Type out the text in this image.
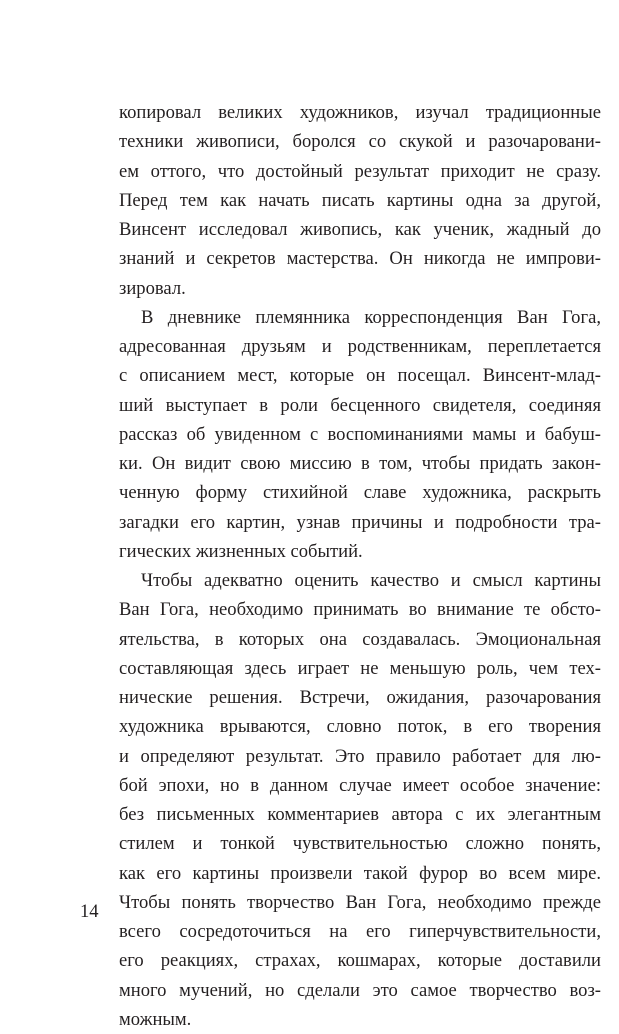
копировал великих художников, изучал традиционные
техники живописи, боролся со скукой и разочаровани-
ем оттого, что достойный результат приходит не сразу.
Перед тем как начать писать картины одна за другой,
Винсент исследовал живопись, как ученик, жадный до
знаний и секретов мастерства. Он никогда не импрови-
зировал.
В дневнике племянника корреспонденция Ван Гога,
адресованная друзьям и родственникам, переплетается
с описанием мест, которые он посещал. Винсент-млад-
ший выступает в роли бесценного свидетеля, соединяя
рассказ об увиденном с воспоминаниями мамы и бабуш-
ки. Он видит свою миссию в том, чтобы придать закон-
ченную форму стихийной славе художника, раскрыть
загадки его картин, узнав причины и подробности тра-
гических жизненных событий.
Чтобы адекватно оценить качество и смысл картины
Ван Гога, необходимо принимать во внимание те обсто-
ятельства, в которых она создавалась. Эмоциональная
составляющая здесь играет не меньшую роль, чем тех-
нические решения. Встречи, ожидания, разочарования
художника врываются, словно поток, в его творения
и определяют результат. Это правило работает для лю-
бой эпохи, но в данном случае имеет особое значение:
без письменных комментариев автора с их элегантным
стилем и тонкой чувствительностью сложно понять,
как его картины произвели такой фурор во всем мире.
Чтобы понять творчество Ван Гога, необходимо прежде
всего сосредоточиться на его гиперчувствительности,
его реакциях, страхах, кошмарах, которые доставили
много мучений, но сделали это самое творчество воз-
можным.
14
